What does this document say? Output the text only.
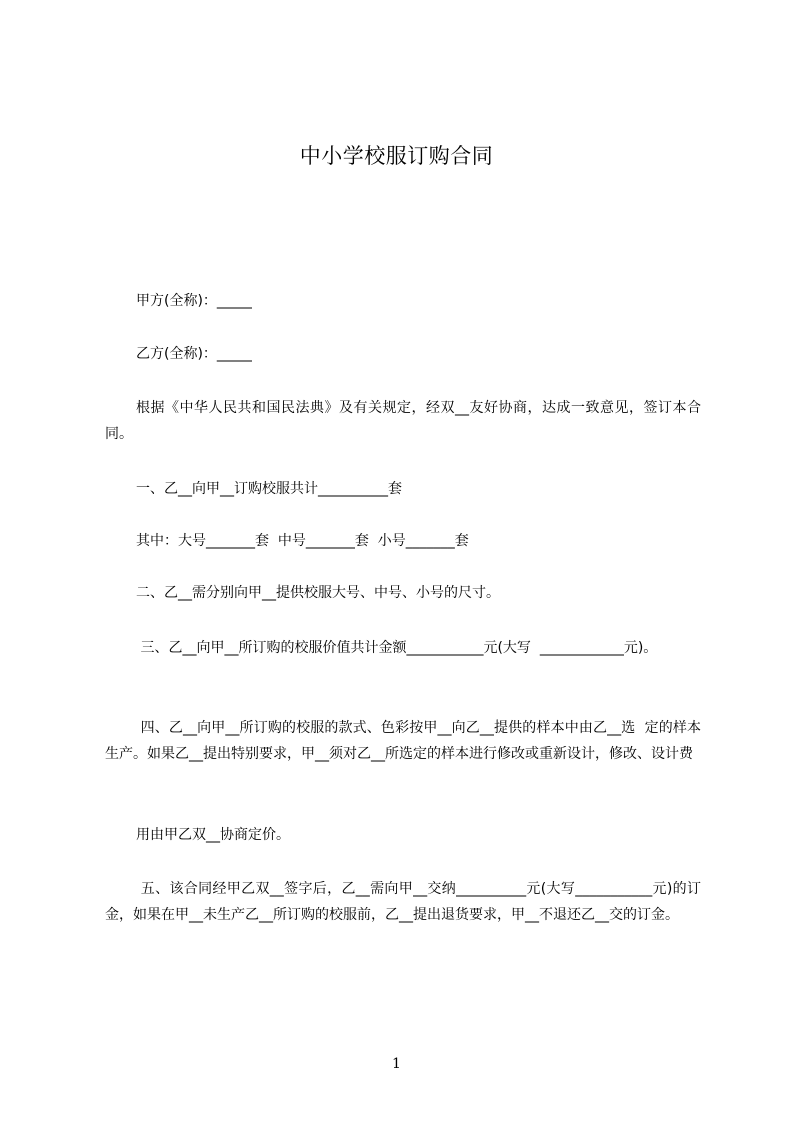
中小学校服订购合同
甲方(全称)：_____
乙方(全称)：_____
根据《中华人民共和国民法典》及有关规定，经双__友好协商，达成一致意见，签订本合同。
一、乙__向甲__订购校服共计__________套
其中：大号_______套  中号_______套  小号_______套
二、乙__需分别向甲__提供校服大号、中号、小号的尺寸。
三、乙__向甲__所订购的校服价值共计金额___________元(大写  ____________元)。
四、乙__向甲__所订购的校服的款式、色彩按甲__向乙__提供的样本中由乙__选  定的样本生产。如果乙__提出特别要求，甲__须对乙__所选定的样本进行修改或重新设计，修改、设计费
用由甲乙双__协商定价。
五、该合同经甲乙双__签字后，乙__需向甲__交纳__________元(大写___________元)的订金，如果在甲__未生产乙__所订购的校服前，乙__提出退货要求，甲__不退还乙__交的订金。
1
